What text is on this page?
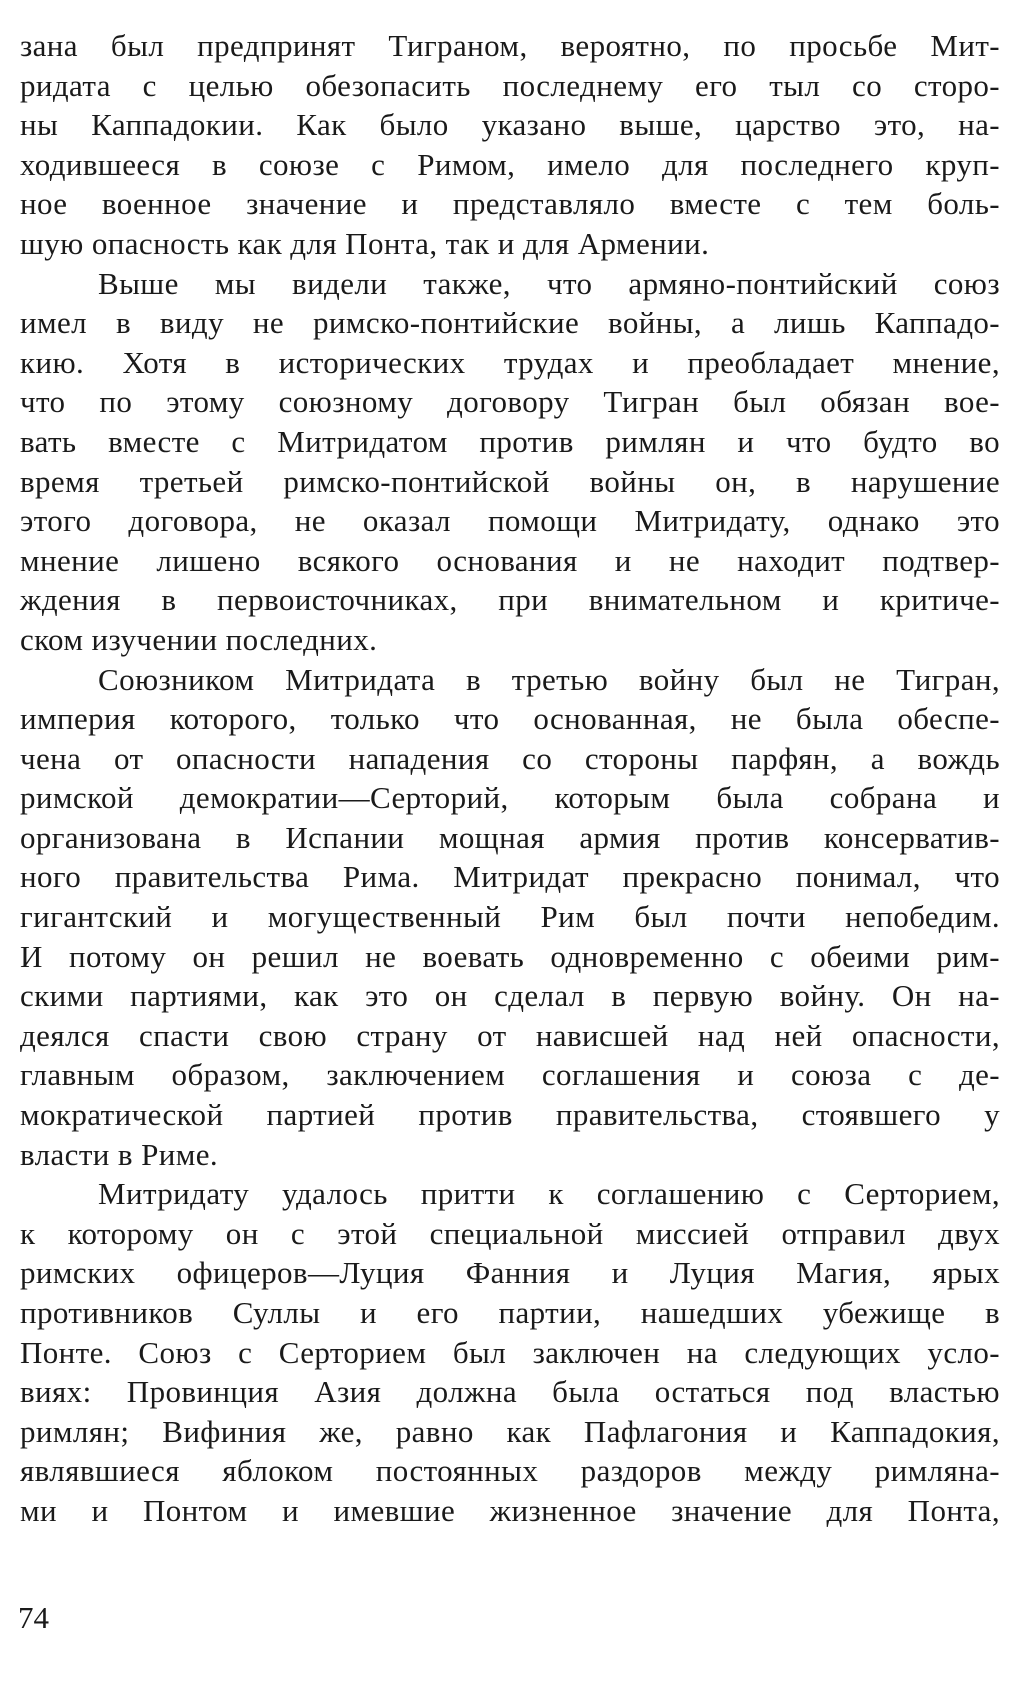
зана был предпринят Тиграном, вероятно, по просьбе Мит-
ридата с целью обезопасить последнему его тыл со сторо-
ны Каппадокии. Как было указано выше, царство это, на-
ходившееся в союзе с Римом, имело для последнего круп-
ное военное значение и представляло вместе с тем боль-
шую опасность как для Понта, так и для Армении.
Выше мы видели также, что армяно-понтийский союз
имел в виду не римско-понтийские войны, а лишь Каппадо-
кию. Хотя в исторических трудах и преобладает мнение,
что по этому союзному договору Тигран был обязан вое-
вать вместе с Митридатом против римлян и что будто во
время третьей римско-понтийской войны он, в нарушение
этого договора, не оказал помощи Митридату, однако это
мнение лишено всякого основания и не находит подтвер-
ждения в первоисточниках, при внимательном и критиче-
ском изучении последних.
Союзником Митридата в третью войну был не Тигран,
империя которого, только что основанная, не была обеспе-
чена от опасности нападения со стороны парфян, а вождь
римской демократии—Серторий, которым была собрана и
организована в Испании мощная армия против консерватив-
ного правительства Рима. Митридат прекрасно понимал, что
гигантский и могущественный Рим был почти непобедим.
И потому он решил не воевать одновременно с обеими рим-
скими партиями, как это он сделал в первую войну. Он на-
деялся спасти свою страну от нависшей над ней опасности,
главным образом, заключением соглашения и союза с де-
мократической партией против правительства, стоявшего у
власти в Риме.
Митридату удалось притти к соглашению с Серторием,
к которому он с этой специальной миссией отправил двух
римских офицеров—Луция Фанния и Луция Магия, ярых
противников Суллы и его партии, нашедших убежище в
Понте. Союз с Серторием был заключен на следующих усло-
виях: Провинция Азия должна была остаться под властью
римлян; Вифиния же, равно как Пафлагония и Каппадокия,
являвшиеся яблоком постоянных раздоров между римляна-
ми и Понтом и имевшие жизненное значение для Понта,
74
